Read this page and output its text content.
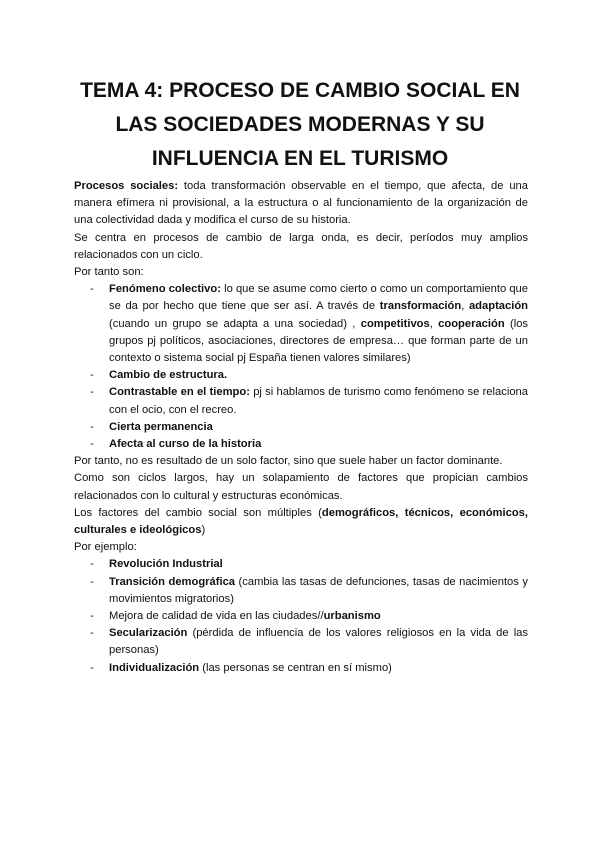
TEMA 4: PROCESO DE CAMBIO SOCIAL EN
LAS SOCIEDADES MODERNAS Y SU
INFLUENCIA EN EL TURISMO

Procesos sociales: toda transformación observable en el tiempo, que afecta, de una manera efímera ni provisional, a la estructura o al funcionamiento de la organización de una colectividad dada y modifica el curso de su historia.

Se centra en procesos de cambio de larga onda, es decir, períodos muy amplios relacionados con un ciclo.

Por tanto son:

- Fenómeno colectivo: lo que se asume como cierto o como un comportamiento que se da por hecho que tiene que ser así. A través de transformación, adaptación (cuando un grupo se adapta a una sociedad) , competitivos, cooperación (los grupos pj políticos, asociaciones, directores de empresa… que forman parte de un contexto o sistema social pj España tienen valores similares)
- Cambio de estructura.
- Contrastable en el tiempo: pj si hablamos de turismo como fenómeno se relaciona con el ocio, con el recreo.
- Cierta permanencia
- Afecta al curso de la historia

Por tanto, no es resultado de un solo factor, sino que suele haber un factor dominante.

Como son ciclos largos, hay un solapamiento de factores que propician cambios relacionados con lo cultural y estructuras económicas.

Los factores del cambio social son múltiples (demográficos, técnicos, económicos, culturales e ideológicos)

Por ejemplo:

- Revolución Industrial
- Transición demográfica (cambia las tasas de defunciones, tasas de nacimientos y movimientos migratorios)
- Mejora de calidad de vida en las ciudades//urbanismo
- Secularización (pérdida de influencia de los valores religiosos en la vida de las personas)
- Individualización (las personas se centran en sí mismo)
